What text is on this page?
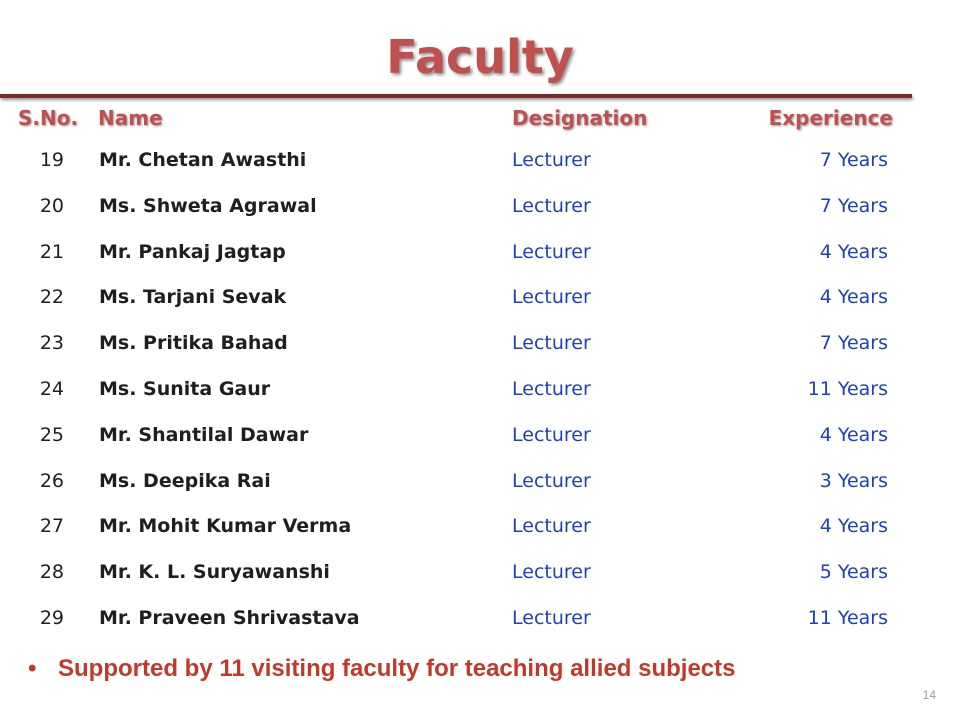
Faculty
S.No. Name	Designation	Experience
19 Mr. Chetan Awasthi	Lecturer	7 Years
20 Ms. Shweta Agrawal	Lecturer	7 Years
21 Mr. Pankaj Jagtap	Lecturer	4 Years
22 Ms. Tarjani Sevak	Lecturer	4 Years
23 Ms. Pritika Bahad	Lecturer	7 Years
24 Ms. Sunita Gaur	Lecturer	11 Years
25 Mr. Shantilal Dawar	Lecturer	4 Years
26 Ms. Deepika Rai	Lecturer	3 Years
27 Mr. Mohit Kumar Verma	Lecturer	4 Years
28 Mr. K. L. Suryawanshi	Lecturer	5 Years
29 Mr. Praveen Shrivastava	Lecturer	11 Years
• Supported by 11 visiting faculty for teaching allied subjects
14
